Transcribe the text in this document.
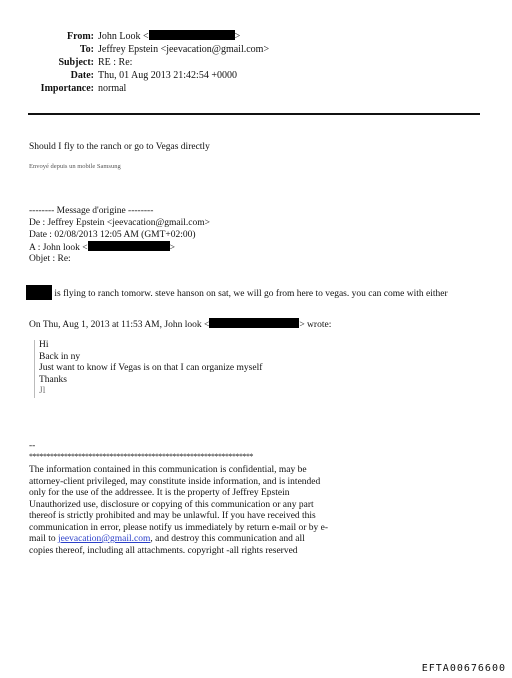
From: John Look <	>
To: Jeffrey Epstein <jeevacation@gmail.com>
Subject: RE : Re:
Date: Thu, 01 Aug 2013 21:42:54 +0000
Importance: normal
Should I fly to the ranch or go to Vegas directly
Envoyé depuis un mobile Samsung
-------- Message d'origine --------
De : Jeffrey Epstein <jeevacation@gmail.com>
Date : 02/08/2013 12:05 AM (GMT+02:00)
A : John look <	>
Objet : Re:
is flying to ranch tomorw. steve hanson on sat, we will go from here to vegas. you can come with either
On Thu, Aug 1, 2013 at 11:53 AM, John look <	> wrote:
Hi
Back in ny
Just want to know if Vegas is on that I can organize myself
Thanks
Jl
--
****************************************************************
The information contained in this communication is confidential, may be attorney-client privileged, may constitute inside information, and is intended only for the use of the addressee. It is the property of Jeffrey Epstein Unauthorized use, disclosure or copying of this communication or any part thereof is strictly prohibited and may be unlawful. If you have received this communication in error, please notify us immediately by return e-mail or by e-mail to jeevacation@gmail.com, and destroy this communication and all copies thereof, including all attachments. copyright -all rights reserved
EFTA00676600
